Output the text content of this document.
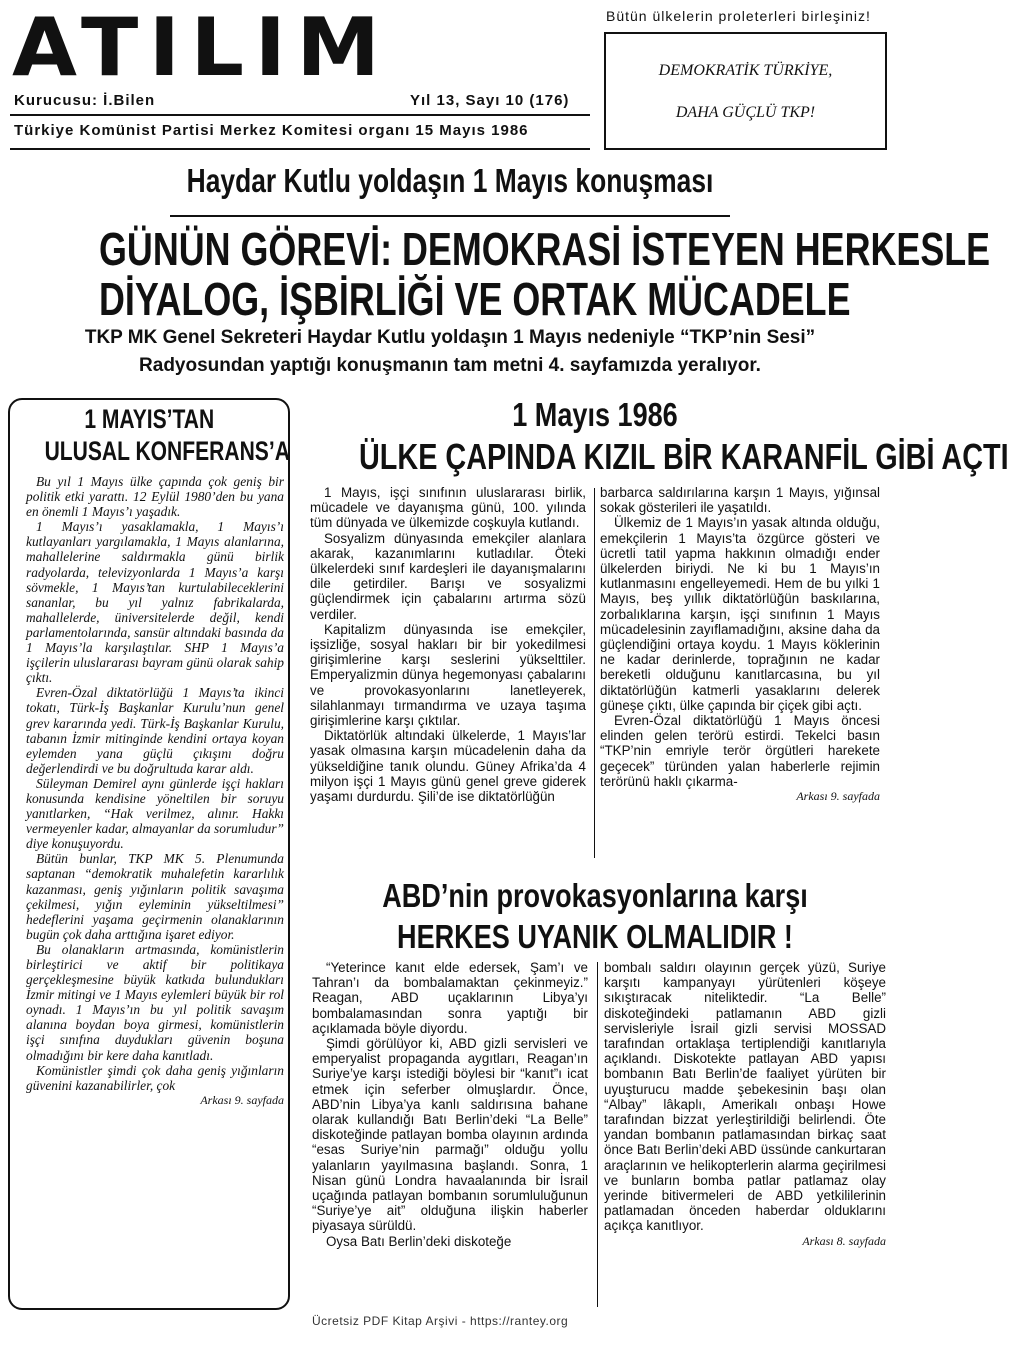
ATILIM
Kurucusu: İ.Bilen	Yıl 13, Sayı 10 (176)
Türkiye Komünist Partisi Merkez Komitesi organı 15 Mayıs 1986
Bütün ülkelerin proleterleri birleşiniz!
DEMOKRATİK TÜRKİYE,
DAHA GÜÇLÜ TKP!
Haydar Kutlu yoldaşın 1 Mayıs konuşması
GÜNÜN GÖREVİ: DEMOKRASİ İSTEYEN HERKESLE
DİYALOG, İŞBİRLİĞİ VE ORTAK MÜCADELE
TKP MK Genel Sekreteri Haydar Kutlu yoldaşın 1 Mayıs nedeniyle “TKP’nin Sesi”
Radyosundan yaptığı konuşmanın tam metni 4. sayfamızda yeralıyor.
1 MAYIS’TAN
ULUSAL KONFERANS’A

Bu yıl 1 Mayıs ülke çapında çok geniş bir politik etki yarattı. 12 Eylül 1980’den bu yana en önemli 1 Mayıs’ı yaşadık.

1 Mayıs’ı yasaklamakla, 1 Mayıs’ı kutlayanları yargılamakla, 1 Mayıs alanlarına, mahallelerine saldırmakla günü birlik radyolarda, televizyonlarda 1 Mayıs’a karşı sövmekle, 1 Mayıs’tan kurtulabileceklerini sananlar, bu yıl yalnız fabrikalarda, mahallelerde, üniversitelerde değil, kendi parlamentolarında, sansür altındaki basında da 1 Mayıs’la karşılaştılar. SHP 1 Mayıs’a işçilerin uluslararası bayram günü olarak sahip çıktı.

Evren-Özal diktatörlüğü 1 Mayıs’ta ikinci tokatı, Türk-İş Başkanlar Kurulu’nun genel grev kararında yedi. Türk-İş Başkanlar Kurulu, tabanın İzmir mitinginde kendini ortaya koyan eylemden yana güçlü çıkışını doğru değerlendirdi ve bu doğrultuda karar aldı.

Süleyman Demirel aynı günlerde işçi hakları konusunda kendisine yöneltilen bir soruyu yanıtlarken, “Hak verilmez, alınır. Hakkı vermeyenler kadar, almayanlar da sorumludur” diye konuşuyordu.

Bütün bunlar, TKP MK 5. Plenumunda saptanan “demokratik muhalefetin kararlılık kazanması, geniş yığınların politik savaşıma çekilmesi, yığın eyleminin yükseltilmesi” hedeflerini yaşama geçirmenin olanaklarının bugün çok daha arttığına işaret ediyor.

Bu olanakların artmasında, komünistlerin birleştirici ve aktif bir politikaya gerçekleşmesine büyük katkıda bulundukları İzmir mitingi ve 1 Mayıs eylemleri büyük bir rol oynadı. 1 Mayıs’ın bu yıl politik savaşım alanına boydan boya girmesi, komünistlerin işçi sınıfına duydukları güvenin boşuna olmadığını bir kere daha kanıtladı.

Komünistler şimdi çok daha geniş yığınların güvenini kazanabilirler, çok

Arkası 9. sayfada
1 Mayıs 1986
ÜLKE ÇAPINDA KIZIL BİR KARANFİL GİBİ AÇTI

1 Mayıs, işçi sınıfının uluslararası birlik, mücadele ve dayanışma günü, 100. yılında tüm dünyada ve ülkemizde coşkuyla kutlandı.

Sosyalizm dünyasında emekçiler alanlara akarak, kazanımlarını kutladılar. Öteki ülkelerdeki sınıf kardeşleri ile dayanışmalarını dile getirdiler. Barışı ve sosyalizmi güçlendirmek için çabalarını artırma sözü verdiler.

Kapitalizm dünyasında ise emekçiler, işsizliğe, sosyal hakları bir bir yokedilmesi girişimlerine karşı seslerini yükselttiler. Emperyalizmin dünya hegemonyası çabalarını ve provokasyonlarını lanetleyerek, silahlanmayı tırmandırma ve uzaya taşıma girişimlerine karşı çıktılar.

Diktatörlük altındaki ülkelerde, 1 Mayıs’lar yasak olmasına karşın mücadelenin daha da yükseldiğine tanık olundu. Güney Afrika’da 4 milyon işçi 1 Mayıs günü genel greve giderek yaşamı durdurdu. Şili’de ise diktatörlüğün

barbarca saldırılarına karşın 1 Mayıs, yığınsal sokak gösterileri ile yaşatıldı.

Ülkemiz de 1 Mayıs’ın yasak altında olduğu, emekçilerin 1 Mayıs’ta özgürce gösteri ve ücretli tatil yapma hakkının olmadığı ender ülkelerden biriydi. Ne ki bu 1 Mayıs’ın kutlanmasını engelleyemedi. Hem de bu yılki 1 Mayıs, beş yıllık diktatörlüğün baskılarına, zorbalıklarına karşın, işçi sınıfının 1 Mayıs mücadelesinin zayıflamadığını, aksine daha da güçlendiğini ortaya koydu. 1 Mayıs köklerinin ne kadar derinlerde, toprağının ne kadar bereketli olduğunu kanıtlarcasına, bu yıl diktatörlüğün katmerli yasaklarını delerek güneşe çıktı, ülke çapında bir çiçek gibi açtı.

Evren-Özal diktatörlüğü 1 Mayıs öncesi elinden gelen terörü estirdi. Tekelci basın “TKP’nin emriyle terör örgütleri harekete geçecek” türünden yalan haberlerle rejimin terörünü haklı çıkarma-

Arkası 9. sayfada
ABD’nin provokasyonlarına karşı
HERKES UYANIK OLMALIDIR !

“Yeterince kanıt elde edersek, Şam’ı ve Tahran’ı da bombalamaktan çekinmeyiz.” Reagan, ABD uçaklarının Libya’yı bombalamasından sonra yaptığı bir açıklamada böyle diyordu.

Şimdi görülüyor ki, ABD gizli servisleri ve emperyalist propaganda aygıtları, Reagan’ın Suriye’ye karşı istediği böylesi bir “kanıt”ı icat etmek için seferber olmuşlardır. Önce, ABD’nin Libya’ya kanlı saldırısına bahane olarak kullandığı Batı Berlin’deki “La Belle” diskoteğinde patlayan bomba olayının ardında “esas Suriye’nin parmağı” olduğu yollu yalanların yayılmasına başlandı. Sonra, 1 Nisan günü Londra havaalanında bir İsrail uçağında patlayan bombanın sorumluluğunun “Suriye’ye ait” olduğuna ilişkin haberler piyasaya sürüldü.

Oysa Batı Berlin’deki diskoteğe

bombalı saldırı olayının gerçek yüzü, Suriye karşıtı kampanyayı yürütenleri köşeye sıkıştıracak niteliktedir. “La Belle” diskoteğindeki patlamanın ABD gizli servisleriyle İsrail gizli servisi MOSSAD tarafından ortaklaşa tertiplendiği kanıtlarıyla açıklandı. Diskotekte patlayan ABD yapısı bombanın Batı Berlin’de faaliyet yürüten bir uyuşturucu madde şebekesinin başı olan “Albay” lâkaplı, Amerikalı onbaşı Howe tarafından bizzat yerleştirildiği belirlendi. Öte yandan bombanın patlamasından birkaç saat önce Batı Berlin’deki ABD üssünde cankurtaran araçlarının ve helikopterlerin alarma geçirilmesi ve bunların bomba patlar patlamaz olay yerinde bitivermeleri de ABD yetkililerinin patlamadan önceden haberdar olduklarını açıkça kanıtlıyor.

Arkası 8. sayfada
Ücretsiz PDF Kitap Arşivi - https://rantey.org
